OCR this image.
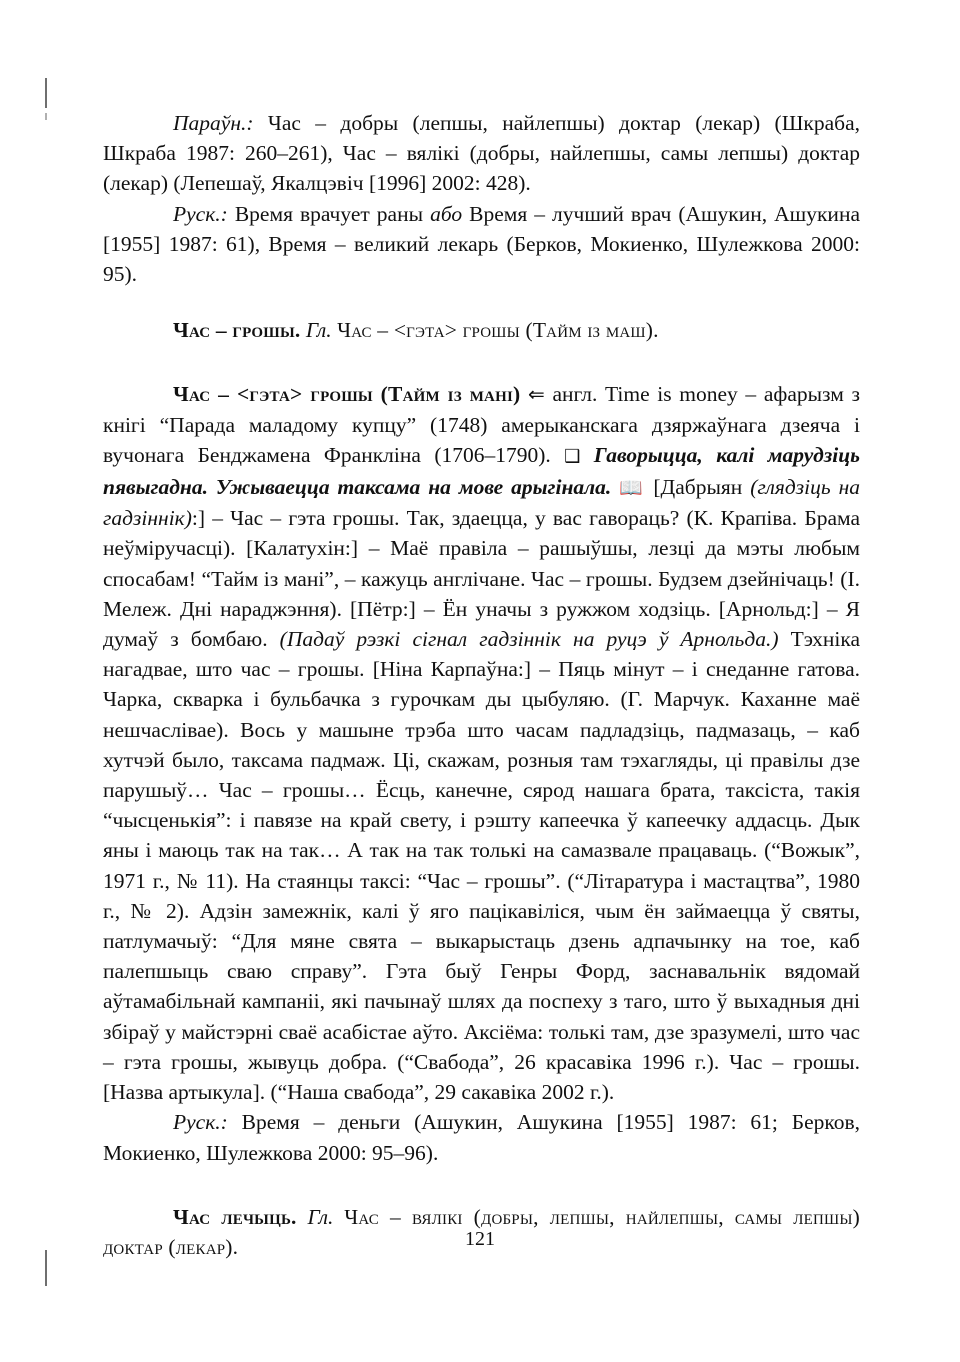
Параўн.: Час – добры (лепшы, найлепшы) доктар (лекар) (Шкраба, Шкраба 1987: 260–261), Час – вялікі (добры, найлепшы, самы лепшы) доктар (лекар) (Лепешаў, Якалцэвіч [1996] 2002: 428).

Руск.: Время врачует раны або Время – лучший врач (Ашукин, Ашукина [1955] 1987: 61), Время – великий лекарь (Берков, Мокиенко, Шулежкова 2000: 95).

Час – грошы. Гл. Час – <гэта> грошы (Тайм із маш).

Час – <гэта> грошы (Тайм із мані) ⇐ англ. Time is money – афарызм з кнігі “Парада маладому купцу” (1748) амерыканскага дзяржаўнага дзеяча і вучонага Бенджамена Франкліна (1706–1790). ❑ Гаворыцца, калі марудзіць пявыгадна. Ужываецца таксама на мове арыгінала. 📖 [Дабрыян (глядзіць на гадзіннік):] – Час – гэта грошы. Так, здаецца, у вас гавораць? (К. Крапіва. Брама неўміручасці). [Калатухін:] – Маё правіла – рашыўшы, лезці да мэты любым спосабам! “Тайм із мані”, – кажуць англічане. Час – грошы. Будзем дзейнічаць! (І. Мележ. Дні нараджэння). [Пётр:] – Ён уначы з ружжом ходзіць. [Арнольд:] – Я думаў з бомбаю. (Падаў рэзкі сігнал гадзіннік на руцэ ў Арнольда.) Тэхніка нагадвае, што час – грошы. [Ніна Карпаўна:] – Пяць мінут – і снеданне гатова. Чарка, скварка і бульбачка з гурочкам ды цыбуляю. (Г. Марчук. Каханне маё нешчаслівае). Вось у машыне трэба што часам падладзіць, падмазаць, – каб хутчэй было, таксама падмаж. Ці, скажам, розныя там тэхагляды, ці правілы дзе парушыў… Час – грошы… Ёсць, канечне, сярод нашага брата, таксіста, такія “чысценькія”: і павязе на край свету, і рэшту капеечка ў капеечку аддасць. Дык яны і маюць так на так… А так на так толькі на самазвале працаваць. (“Вожык”, 1971 г., № 11). На стаянцы таксі: “Час – грошы”. (“Літаратура і мастацтва”, 1980 г., № 2). Адзін замежнік, калі ў яго пацікавіліся, чым ён займаецца ў святы, патлумачыў: “Для мяне свята – выкарыстаць дзень адпачынку на тое, каб палепшыць сваю справу”. Гэта быў Генры Форд, заснавальнік вядомай аўтамабільнай кампаніі, які пачынаў шлях да поспеху з таго, што ў выхадныя дні збіраў у майстэрні сваё асабістае аўто. Аксіёма: толькі там, дзе зразумелі, што час – гэта грошы, жывуць добра. (“Свабода”, 26 красавіка 1996 г.). Час – грошы. [Назва артыкула]. (“Наша свабода”, 29 сакавіка 2002 г.).

Руск.: Время – деньги (Ашукин, Ашукина [1955] 1987: 61; Берков, Мокиенко, Шулежкова 2000: 95–96).

Час лечыць. Гл. Час – вялікі (добры, лепшы, найлепшы, самы лепшы) доктар (лекар).	121
